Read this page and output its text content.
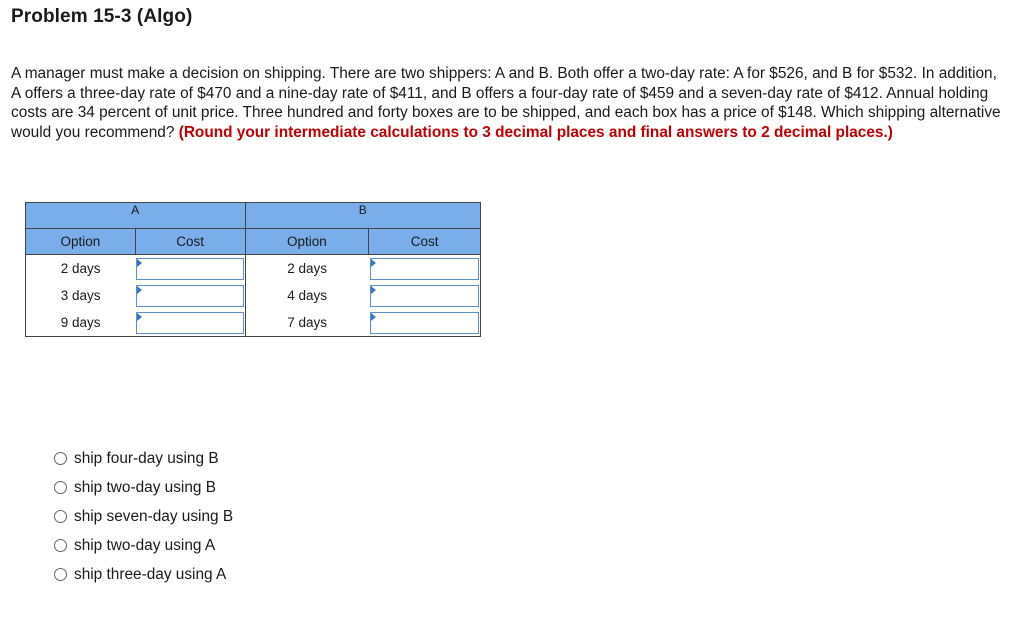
Problem 15-3 (Algo)
A manager must make a decision on shipping. There are two shippers: A and B. Both offer a two-day rate: A for $526, and B for $532. In addition, A offers a three-day rate of $470 and a nine-day rate of $411, and B offers a four-day rate of $459 and a seven-day rate of $412. Annual holding costs are 34 percent of unit price. Three hundred and forty boxes are to be shipped, and each box has a price of $148. Which shipping alternative would you recommend? (Round your intermediate calculations to 3 decimal places and final answers to 2 decimal places.)
A		B	
Option	Cost	Option	Cost
2 days		2 days	

3 days		4 days	

9 days		7 days	
ship four-day using B
ship two-day using B
ship seven-day using B
ship two-day using A
ship three-day using A
